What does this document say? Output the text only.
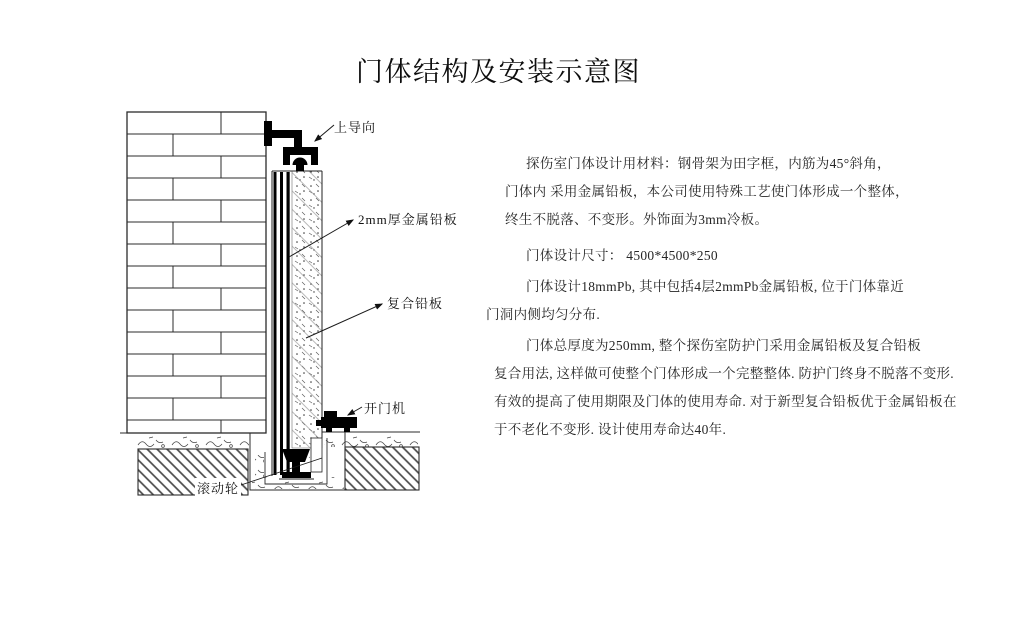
门体结构及安装示意图
上导向
2mm厚金属铅板
复合铅板
开门机
滚动轮
探伤室门体设计用材料：钢骨架为田字框，内筋为45°斜角，
门体内 采用金属铅板，本公司使用特殊工艺使门体形成一个整体，
终生不脱落、不变形。外饰面为3mm冷板。
门体设计尺寸： 4500*4500*250
门体设计18mmPb, 其中包括4层2mmPb金属铅板, 位于门体靠近
门洞内侧均匀分布.
门体总厚度为250mm, 整个探伤室防护门采用金属铅板及复合铅板
复合用法, 这样做可使整个门体形成一个完整整体. 防护门终身不脱落不变形.
有效的提高了使用期限及门体的使用寿命. 对于新型复合铅板优于金属铅板在
于不老化不变形. 设计使用寿命达40年.
